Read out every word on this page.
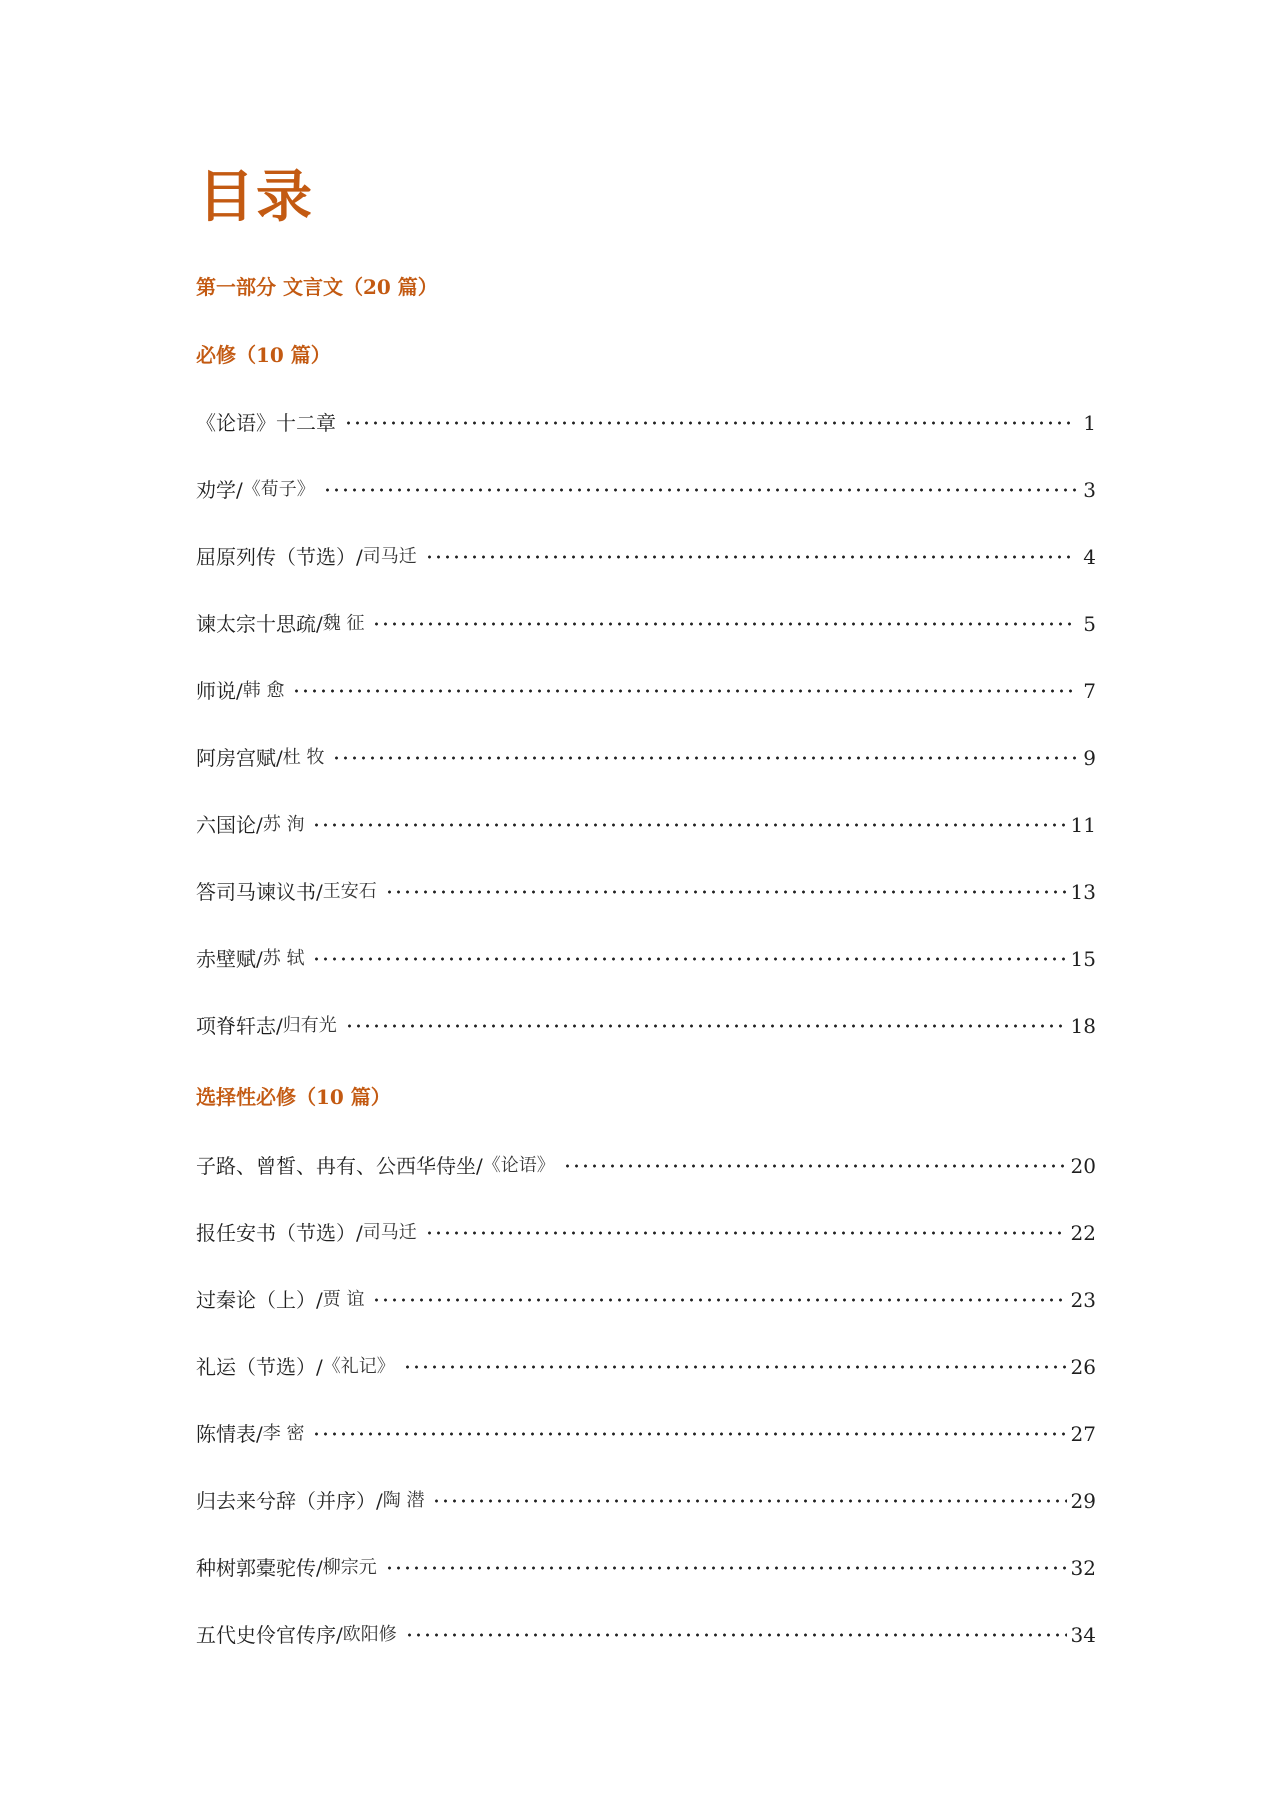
目录
第一部分 文言文（20 篇）
必修（10 篇）
《论语》十二章	1
劝学 / 《荀子》	3
屈原列传（节选） / 司马迁	4
谏太宗十思疏 / 魏 征	5
师说 / 韩 愈	7
阿房宫赋 / 杜 牧	9
六国论 / 苏 洵	11
答司马谏议书 / 王安石	13
赤壁赋 / 苏 轼	15
项脊轩志 / 归有光	18
选择性必修（10 篇）
子路、曾皙、冉有、公西华侍坐 / 《论语》	20
报任安书（节选） / 司马迁	22
过秦论（上） / 贾 谊	23
礼运（节选） / 《礼记》	26
陈情表 / 李 密	27
归去来兮辞（并序） / 陶 潜	29
种树郭橐驼传 / 柳宗元	32
五代史伶官传序 / 欧阳修	34
